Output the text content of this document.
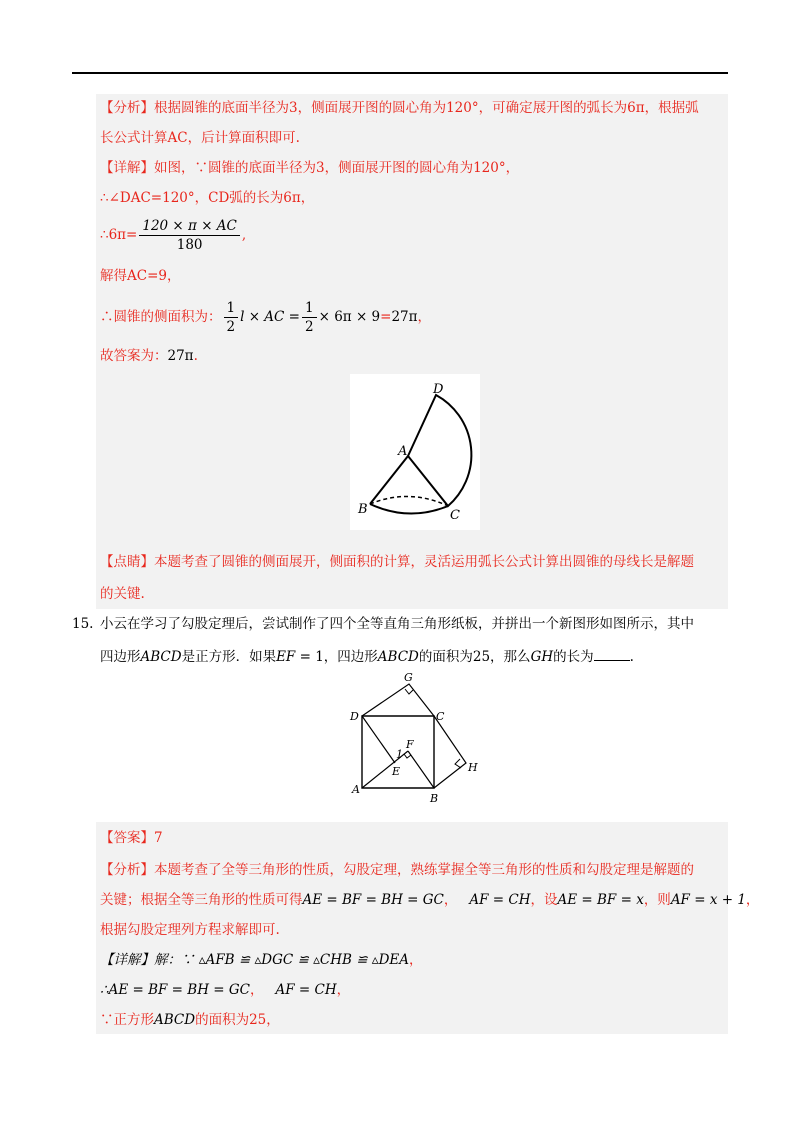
【分析】根据圆锥的底面半径为3，侧面展开图的圆心角为120°，可确定展开图的弧长为6π，根据弧
长公式计算AC，后计算面积即可.
【详解】如图，∵圆锥的底面半径为3，侧面展开图的圆心角为120°，
∴∠DAC=120°，CD弧的长为6π，
∴6π= $\frac{120 \times \pi \times AC}{180}$ ,
解得AC=9，
∴圆锥的侧面积为： $\frac{1}{2}$ l × AC = $\frac{1}{2} \times 6\pi \times 9=27\pi$，
故答案为：27π.
D
A
B	C
【点睛】本题考查了圆锥的侧面展开，侧面积的计算，灵活运用弧长公式计算出圆锥的母线长是解题
的关键.
15. 小云在学习了勾股定理后，尝试制作了四个全等直角三角形纸板，并拼出一个新图形如图所示，其中
四边形ABCD是正方形．如果EF = 1，四边形ABCD的面积为25，那么GH的长为	.
G
D	C
F
1
E	H
A
B
【答案】7
【分析】本题考查了全等三角形的性质，勾股定理，熟练掌握全等三角形的性质和勾股定理是解题的
关键；根据全等三角形的性质可得AE = BF = BH = GC， AF = CH，设AE = BF = x，则AF = x + 1，
根据勾股定理列方程求解即可.
【详解】解：∵ ▵AFB ≌ ▵DGC ≌ ▵CHB ≌ ▵DEA，
∴AE = BF = BH = GC， AF = CH，
∵正方形ABCD的面积为25，
